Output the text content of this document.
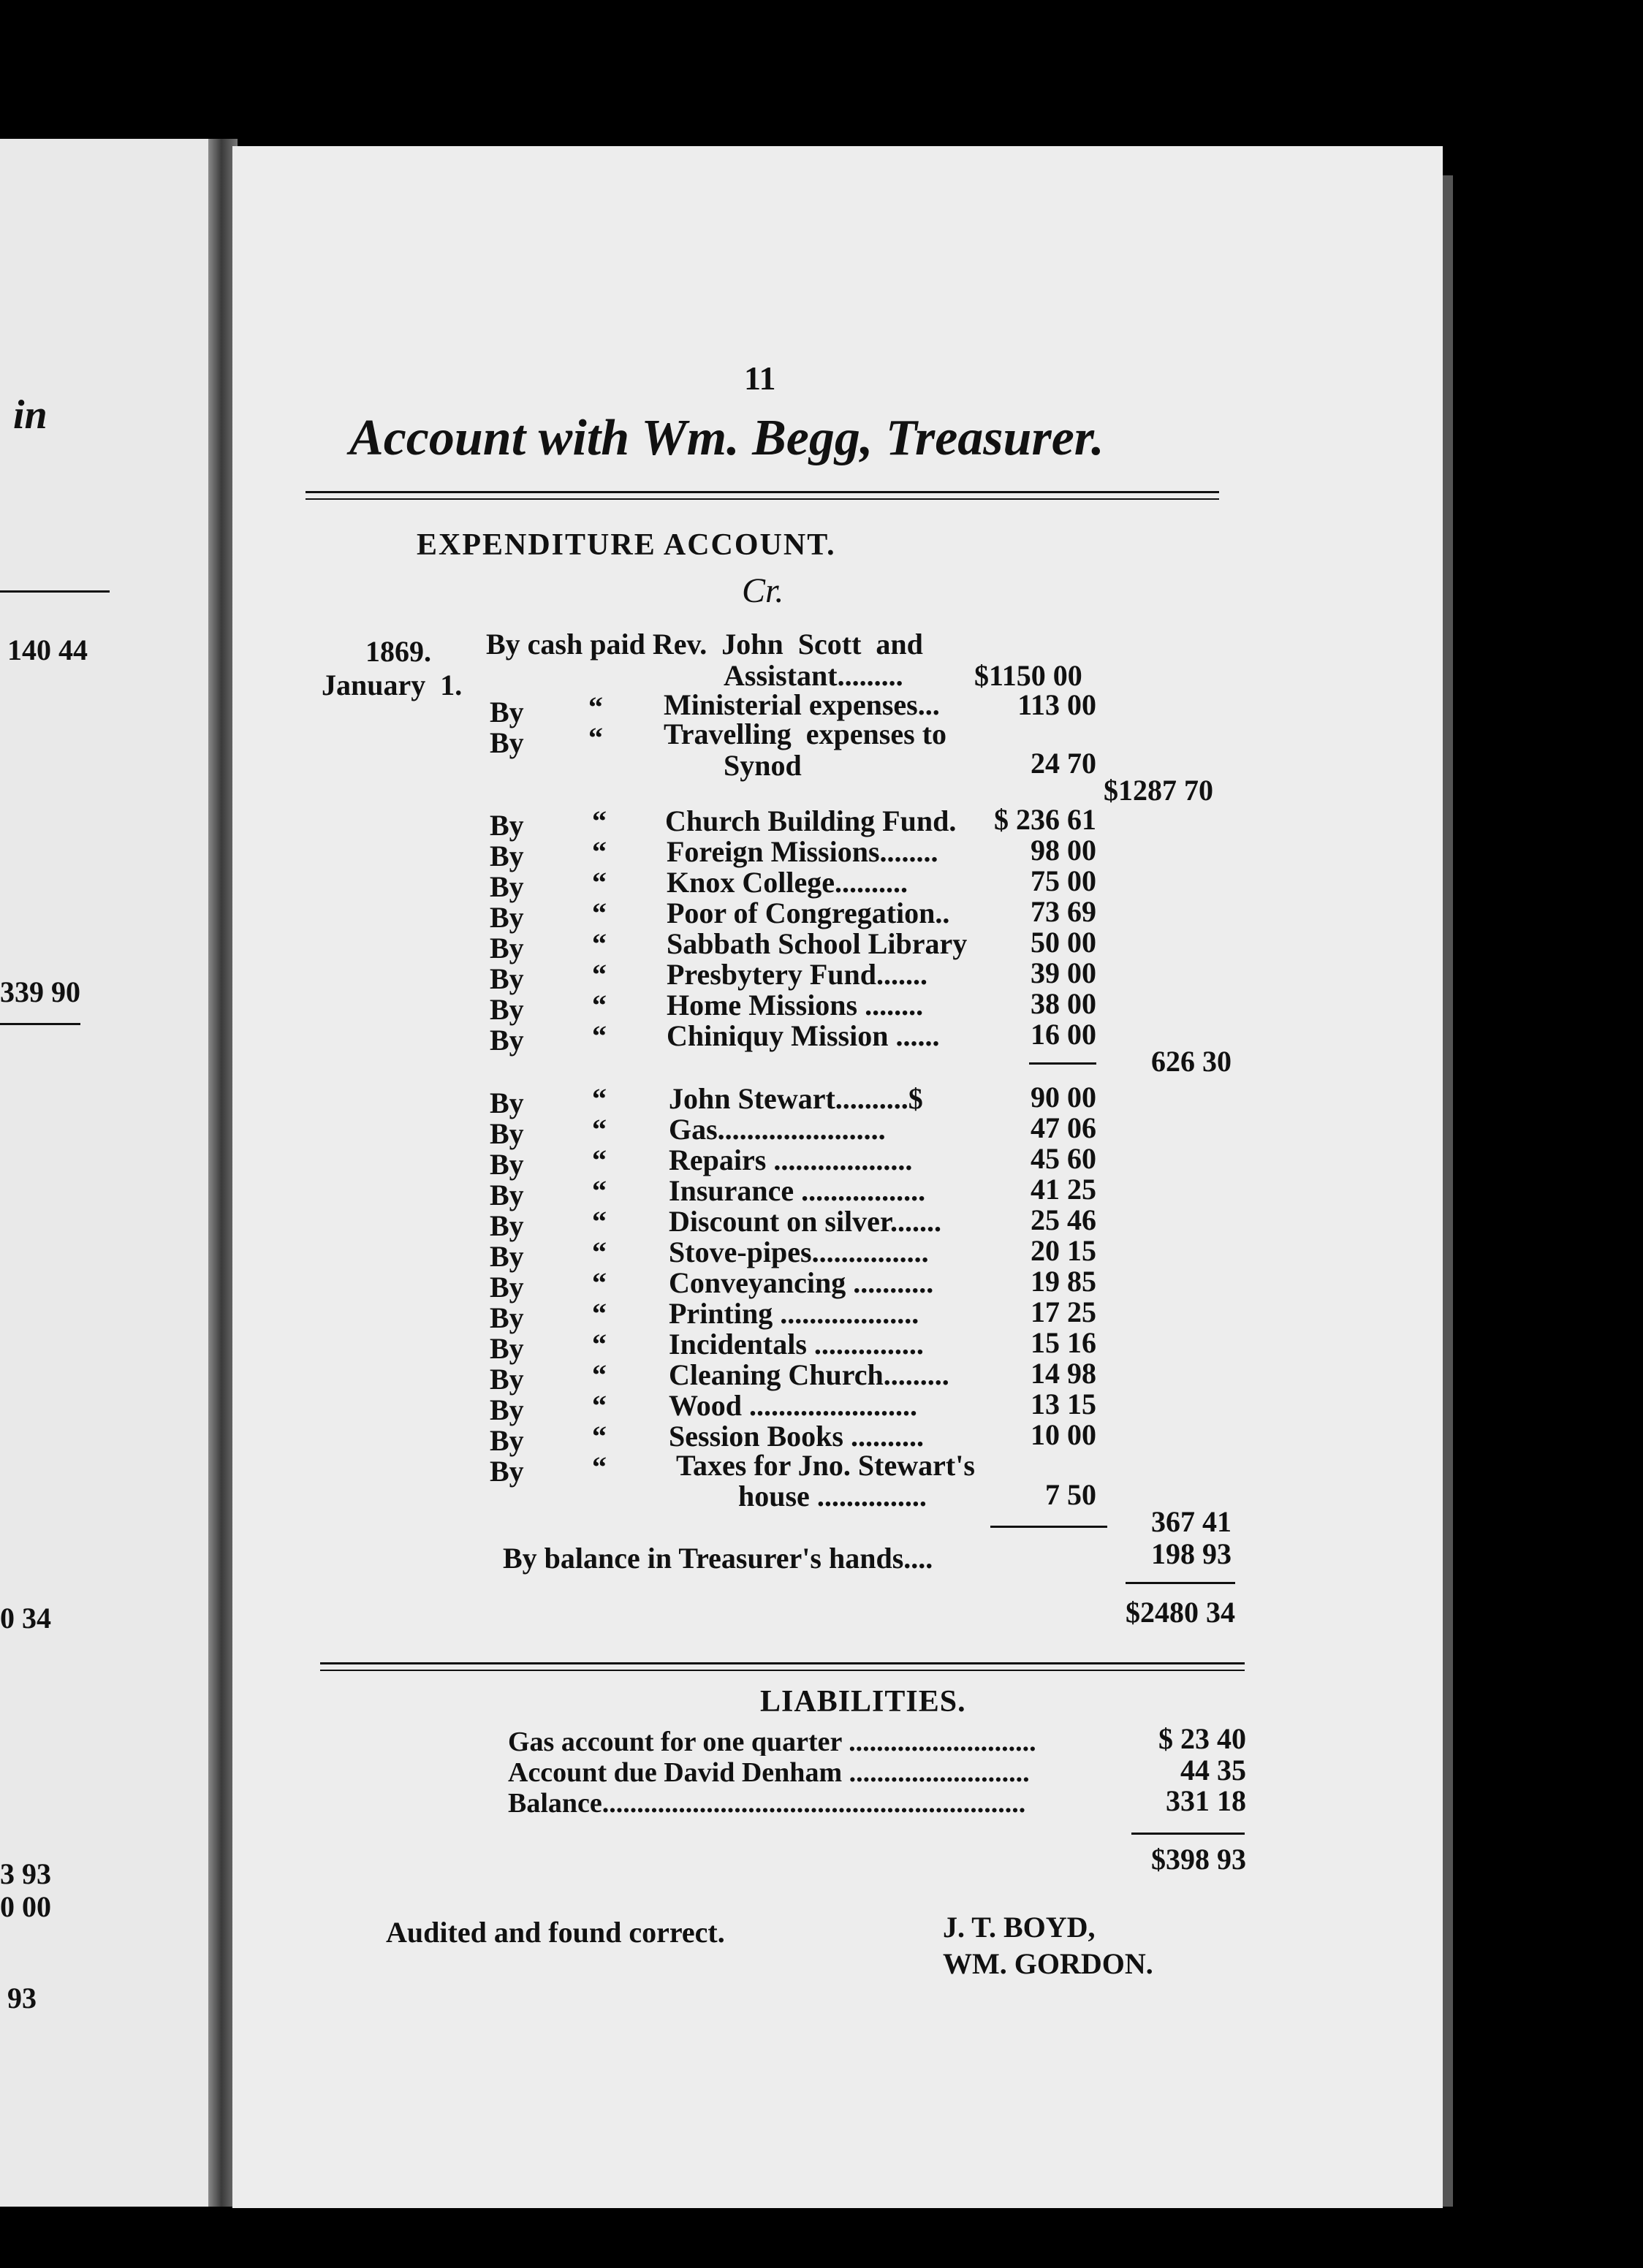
in
140 44
339 90
0 34
3 93
0 00
93
11
Account with Wm. Begg, Treasurer.
EXPENDITURE ACCOUNT.
Cr.
1869.
January  1.
By cash paid Rev.  John  Scott  and
Assistant......... $1150 00
By “ Ministerial expenses...	113 00
By “ Travelling  expenses to
Synod	24 70
$1287 70
By “ Church Building Fund.	$ 236 61
By “ Foreign Missions........	98 00
By “ Knox College..........	75 00
By “ Poor of Congregation..	73 69
By “ Sabbath School Library	50 00
By “ Presbytery Fund.......	39 00
By “ Home Missions ........	38 00
By “ Chiniquy Mission ......	16 00
626 30
By “ John Stewart..........$	90 00
By “ Gas.......................	47 06
By “ Repairs ...................	45 60
By “ Insurance .................	41 25
By “ Discount on silver.......	25 46
By “ Stove-pipes................	20 15
By “ Conveyancing ...........	19 85
By “ Printing ...................	17 25
By “ Incidentals ...............	15 16
By “ Cleaning Church.........	14 98
By “ Wood .......................	13 15
By “ Session Books ..........	10 00
By “ Taxes for Jno. Stewart's
house ...............	7 50
367 41
By balance in Treasurer's hands....	198 93
$2480 34
LIABILITIES.
Gas account for one quarter ...........................	$ 23 40
Account due David Denham ..........................	44 35
Balance.............................................................	331 18
$398 93
Audited and found correct.	J. T. BOYD,
WM. GORDON.
